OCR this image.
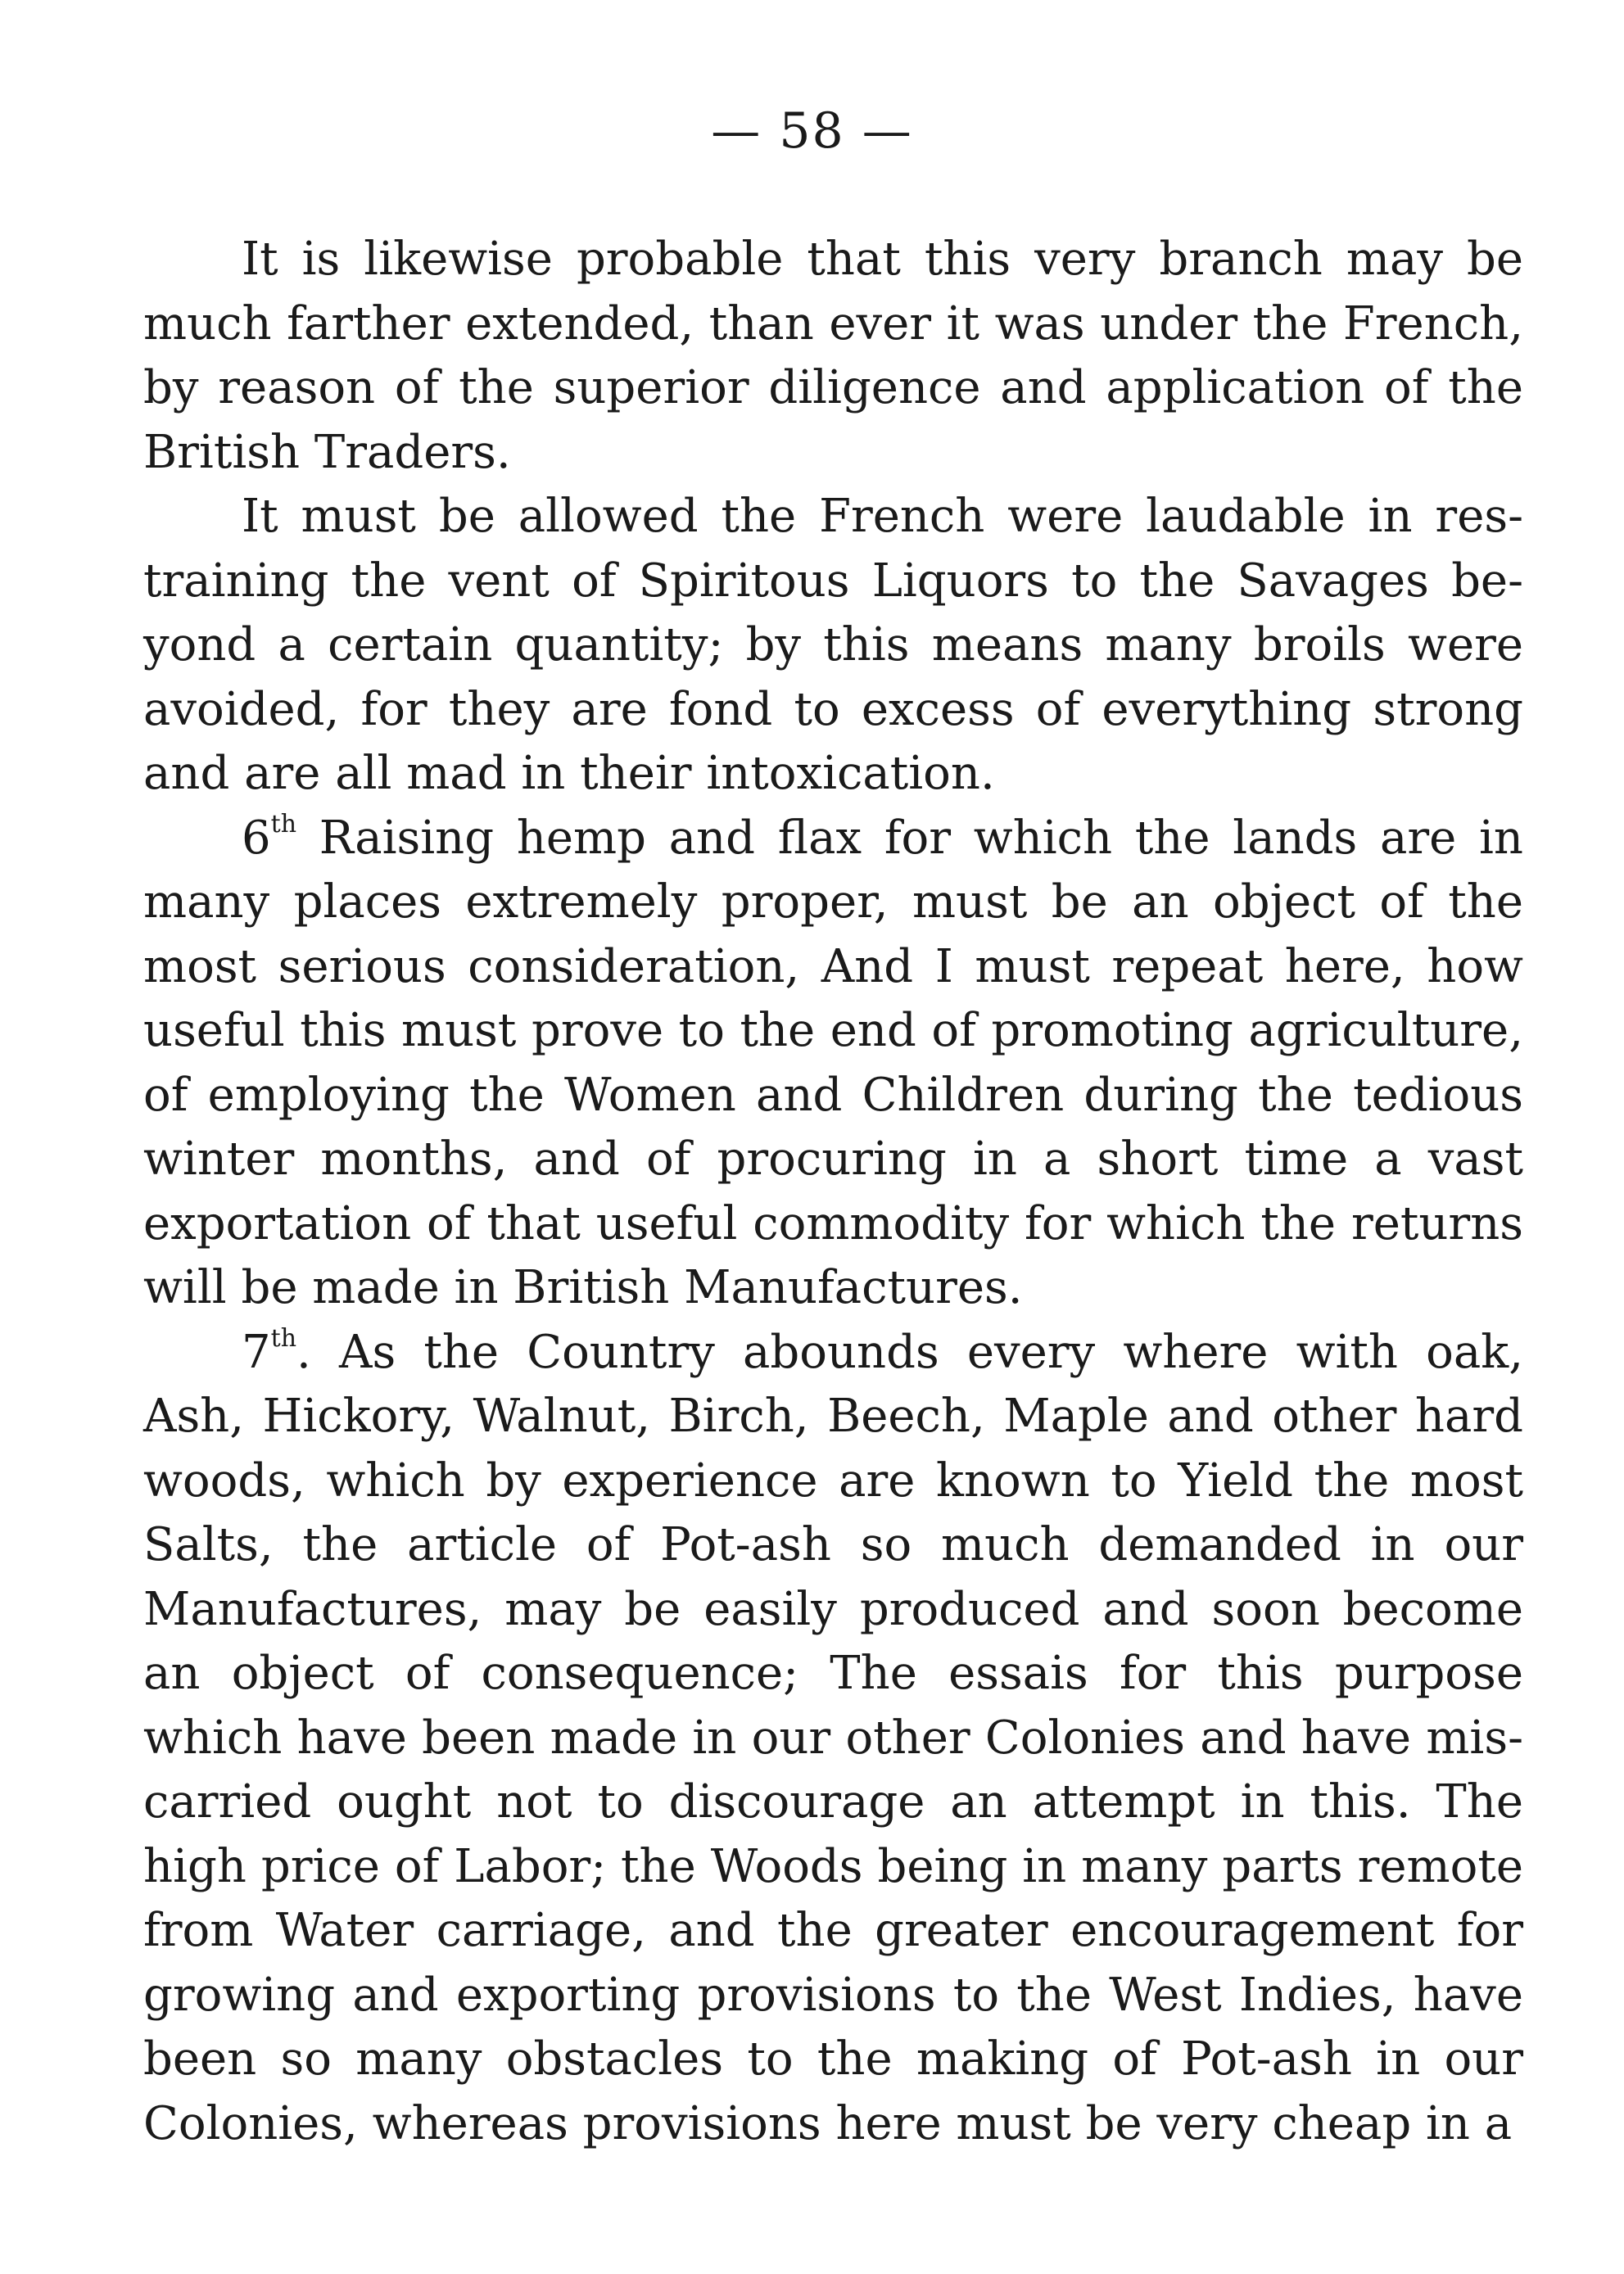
— 58 —

It is likewise probable that this very branch may be much farther extended, than ever it was under the French, by reason of the superior diligence and application of the British Traders.

It must be allowed the French were laudable in restraining the vent of Spiritous Liquors to the Savages beyond a certain quantity; by this means many broils were avoided, for they are fond to excess of everything strong and are all mad in their intoxication.

6th Raising hemp and flax for which the lands are in many places extremely proper, must be an object of the most serious consideration, And I must repeat here, how useful this must prove to the end of promoting agriculture, of employing the Women and Children during the tedious winter months, and of procuring in a short time a vast exportation of that useful commodity for which the returns will be made in British Manufactures.

7th. As the Country abounds every where with oak, Ash, Hickory, Walnut, Birch, Beech, Maple and other hard woods, which by experience are known to Yield the most Salts, the article of Pot-ash so much demanded in our Manufactures, may be easily produced and soon become an object of consequence; The essais for this purpose which have been made in our other Colonies and have mis-carried ought not to discourage an attempt in this. The high price of Labor; the Woods being in many parts remote from Water carriage, and the greater encouragement for growing and exporting provisions to the West Indies, have been so many obstacles to the making of Pot-ash in our Colonies, whereas provisions here must be very cheap in a
